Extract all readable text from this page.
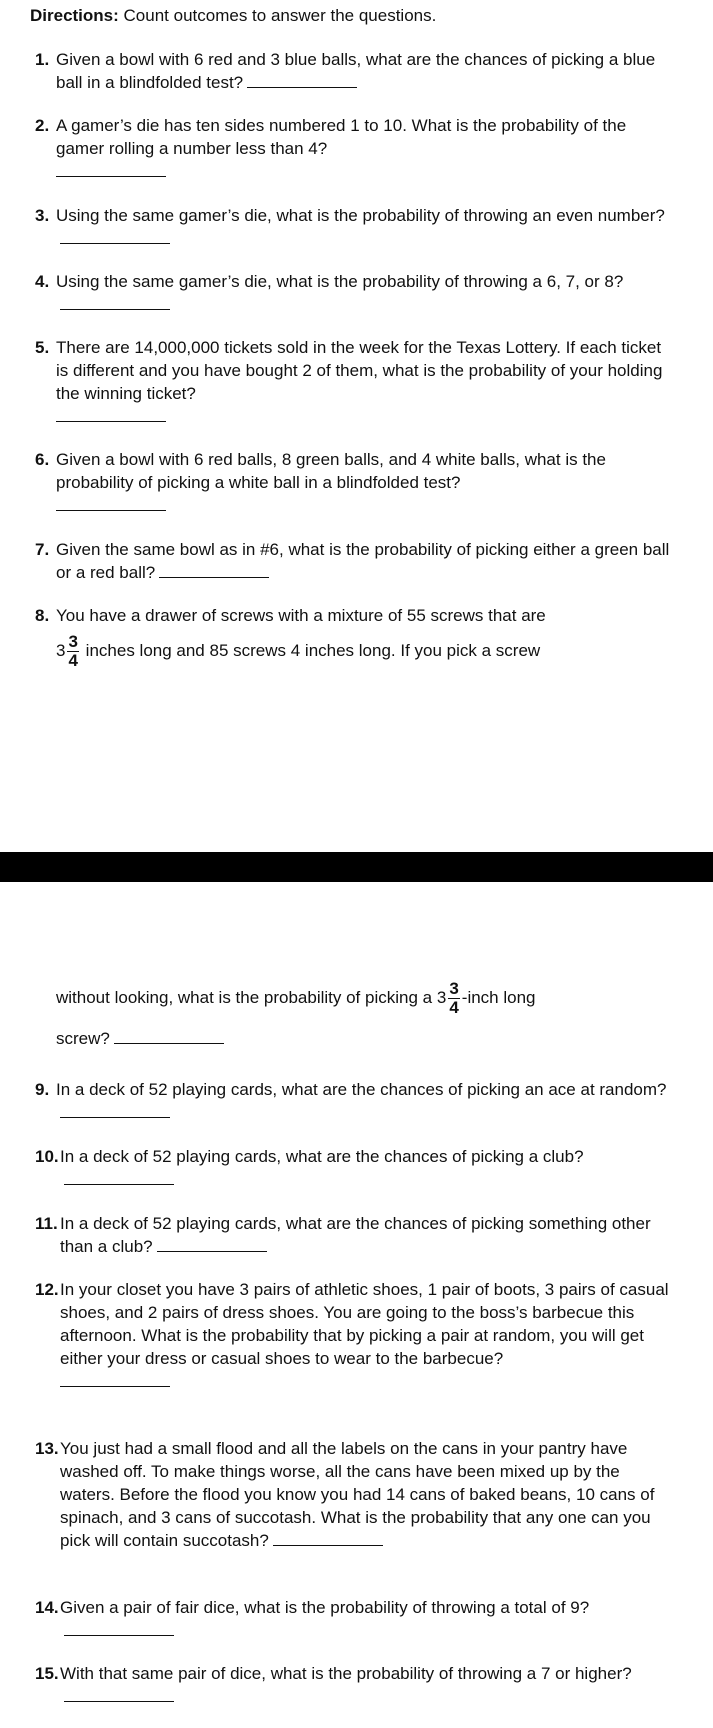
Directions: Count outcomes to answer the questions.
1. Given a bowl with 6 red and 3 blue balls, what are the chances of picking a blue ball in a blindfolded test?
2. A gamer’s die has ten sides numbered 1 to 10. What is the probability of the gamer rolling a number less than 4?
3. Using the same gamer’s die, what is the probability of throwing an even number?
4. Using the same gamer’s die, what is the probability of throwing a 6, 7, or 8?
5. There are 14,000,000 tickets sold in the week for the Texas Lottery. If each ticket is different and you have bought 2 of them, what is the probability of your holding the winning ticket?
6. Given a bowl with 6 red balls, 8 green balls, and 4 white balls, what is the probability of picking a white ball in a blindfolded test?
7. Given the same bowl as in #6, what is the probability of picking either a green ball or a red ball?
8. You have a drawer of screws with a mixture of 55 screws that are
$3 \frac{3}{4}$ inches long and 85 screws 4 inches long. If you pick a screw
without looking, what is the probability of picking a $3 \frac{3}{4}$ -inch long
screw?
9. In a deck of 52 playing cards, what are the chances of picking an ace at random?
10. In a deck of 52 playing cards, what are the chances of picking a club?
11. In a deck of 52 playing cards, what are the chances of picking something other than a club?
12. In your closet you have 3 pairs of athletic shoes, 1 pair of boots, 3 pairs of casual shoes, and 2 pairs of dress shoes. You are going to the boss’s barbecue this afternoon. What is the probability that by picking a pair at random, you will get either your dress or casual shoes to wear to the barbecue?
13. You just had a small flood and all the labels on the cans in your pantry have washed off. To make things worse, all the cans have been mixed up by the waters. Before the flood you know you had 14 cans of baked beans, 10 cans of spinach, and 3 cans of succotash. What is the probability that any one can you pick will contain succotash?
14. Given a pair of fair dice, what is the probability of throwing a total of 9?
15. With that same pair of dice, what is the probability of throwing a 7 or higher?
